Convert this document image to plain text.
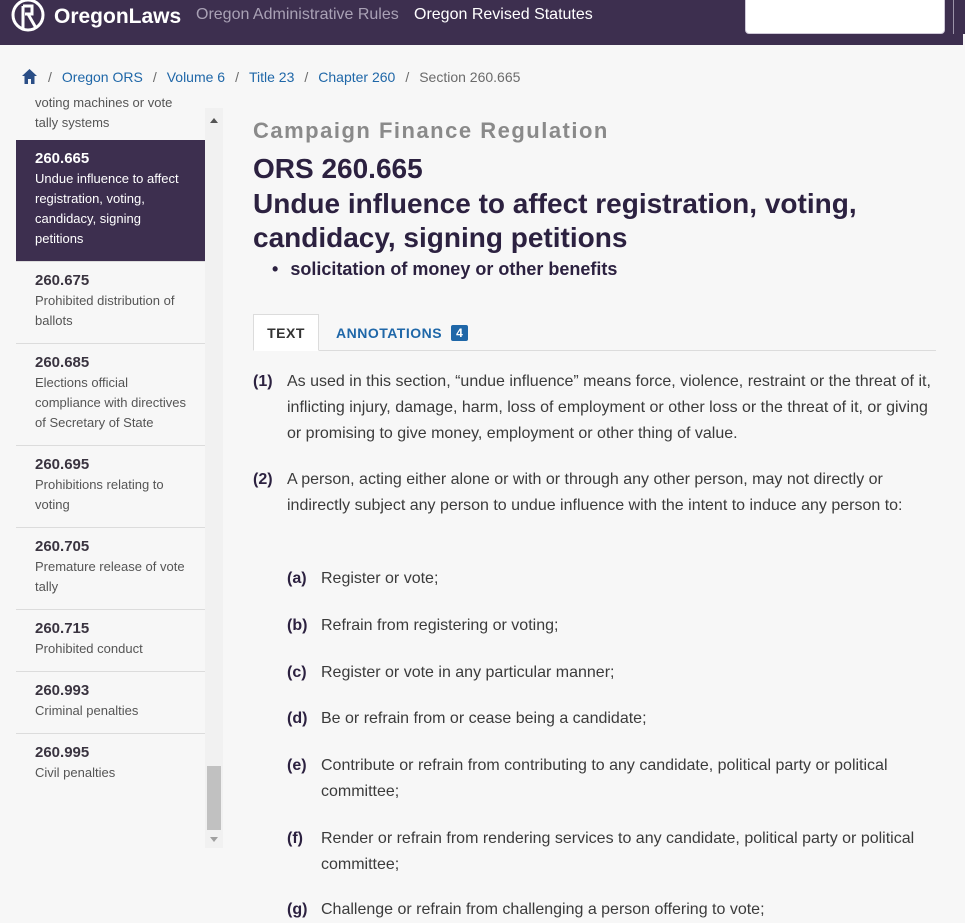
OregonLaws Oregon Administrative Rules Oregon Revised Statutes
/ Oregon ORS / Volume 6 / Title 23 / Chapter 260 / Section 260.665
voting machines or vote tally systems
260.665
Undue influence to affect registration, voting, candidacy, signing petitions
260.675
Prohibited distribution of ballots
260.685
Elections official compliance with directives of Secretary of State
260.695
Prohibitions relating to voting
260.705
Premature release of vote tally
260.715
Prohibited conduct
260.993
Criminal penalties
260.995
Civil penalties
Campaign Finance Regulation
ORS 260.665
Undue influence to affect registration, voting, candidacy, signing petitions
• solicitation of money or other benefits
TEXT	ANNOTATIONS	4
(1) As used in this section, “undue influence” means force, violence, restraint or the threat of it, inflicting injury, damage, harm, loss of employment or other loss or the threat of it, or giving or promising to give money, employment or other thing of value.
(2) A person, acting either alone or with or through any other person, may not directly or indirectly subject any person to undue influence with the intent to induce any person to:
(a) Register or vote;
(b) Refrain from registering or voting;
(c) Register or vote in any particular manner;
(d) Be or refrain from or cease being a candidate;
(e) Contribute or refrain from contributing to any candidate, political party or political committee;
(f) Render or refrain from rendering services to any candidate, political party or political committee;
(g) Challenge or refrain from challenging a person offering to vote;
